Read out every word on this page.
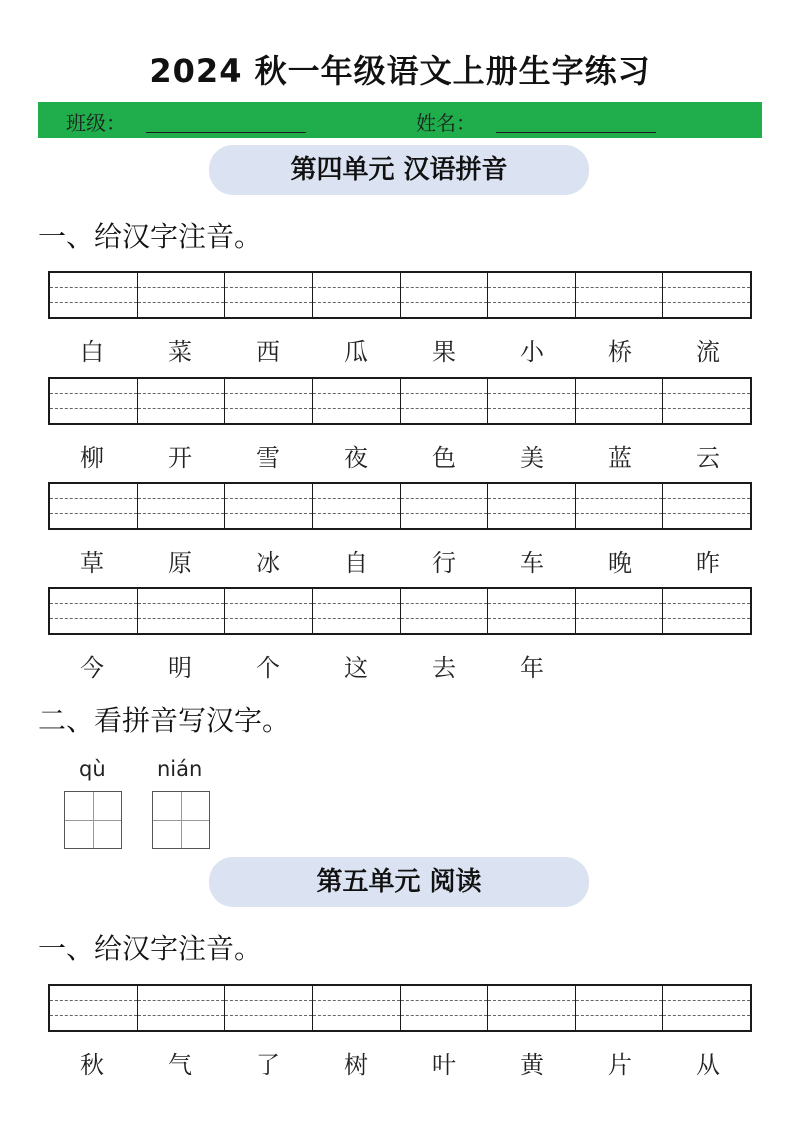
2024 秋一年级语文上册生字练习
班级：	姓名：
第四单元 汉语拼音
一、给汉字注音。
白	菜	西	瓜	果	小	桥	流
柳	开	雪	夜	色	美	蓝	云
草	原	冰	自	行	车	晚	昨
今	明	个	这	去	年
二、看拼音写汉字。
qù nián
第五单元 阅读
一、给汉字注音。
秋	气	了	树	叶	黄	片	从
